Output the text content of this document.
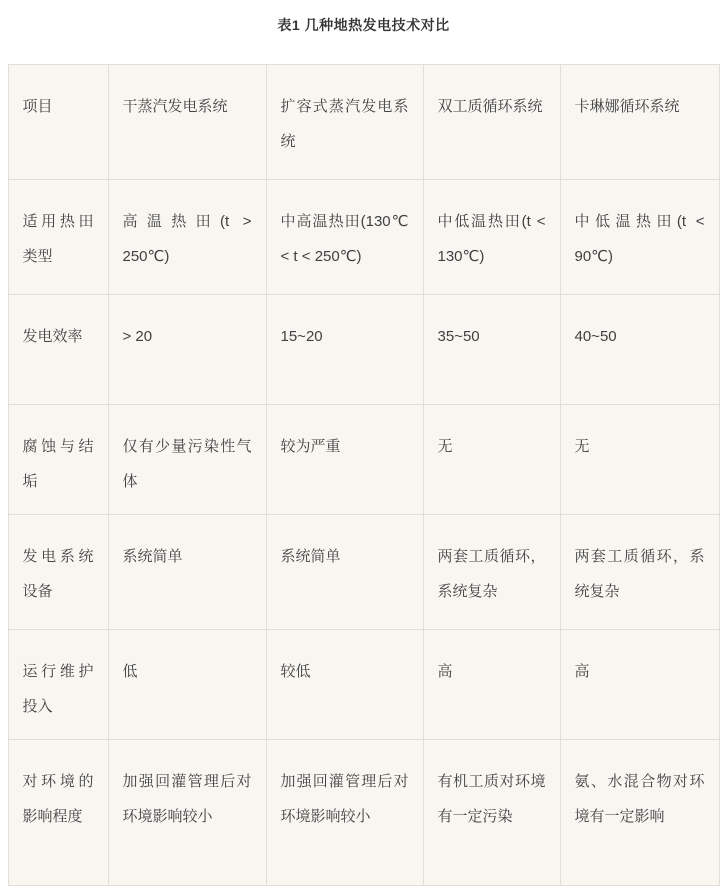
表1 几种地热发电技术对比
项目	干蒸汽发电系统	扩容式蒸汽发电系统	双工质循环系统	卡琳娜循环系统
适用热田类型	高温热田(t > 250℃)	中高温热田(130℃ < t < 250℃)	中低温热田(t < 130℃)	中低温热田(t < 90℃)
发电效率	> 20	15~20	35~50	40~50
腐蚀与结垢	仅有少量污染性气体	较为严重	无	无
发电系统设备	系统简单	系统简单	两套工质循环，系统复杂	两套工质循环，系统复杂
运行维护投入	低	较低	高	高
对环境的影响程度	加强回灌管理后对环境影响较小	加强回灌管理后对环境影响较小	有机工质对环境有一定污染	氨、水混合物对环境有一定影响
